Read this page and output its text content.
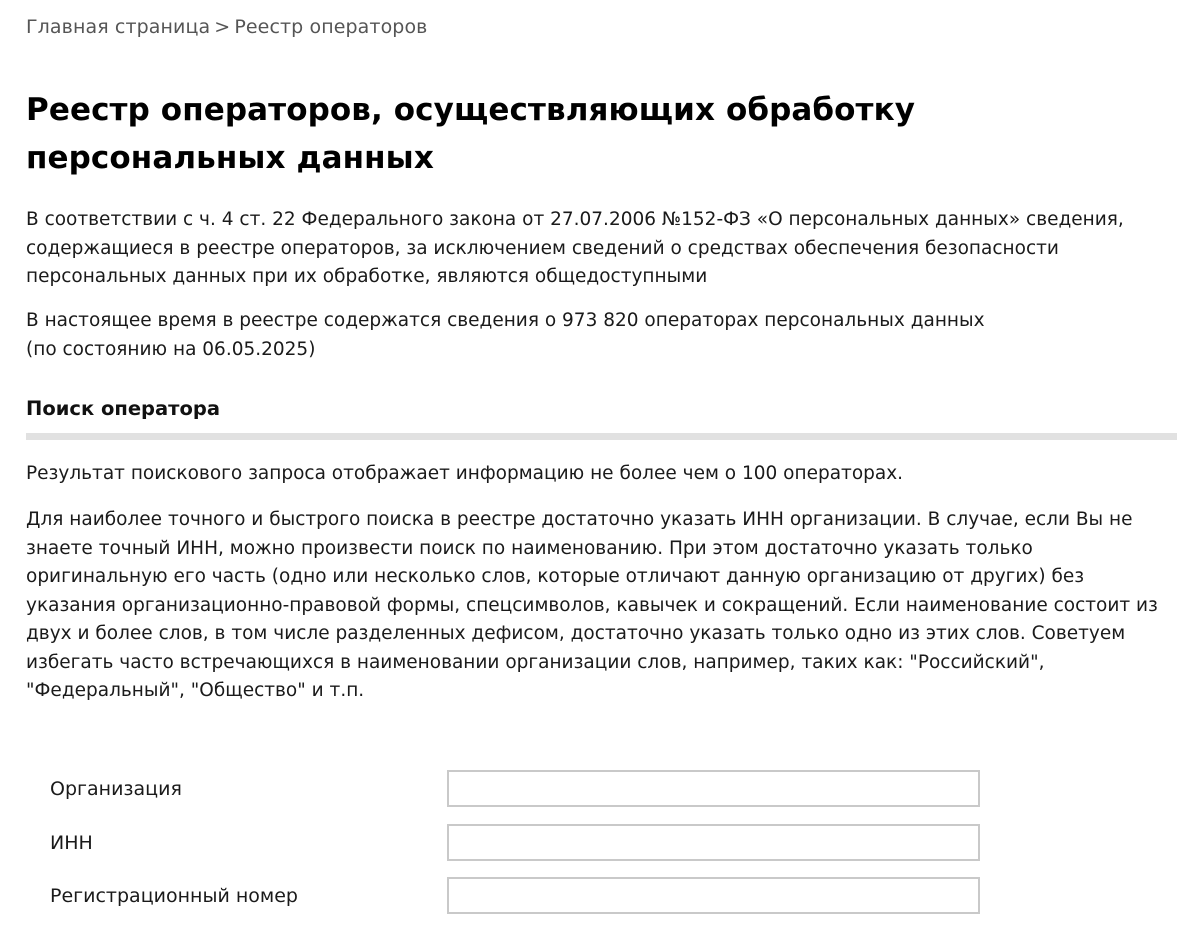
Главная страница > Реестр операторов
Реестр операторов, осуществляющих обработку персональных данных

В соответствии с ч. 4 ст. 22 Федерального закона от 27.07.2006 №152-ФЗ «О персональных данных» сведения, содержащиеся в реестре операторов, за исключением сведений о средствах обеспечения безопасности персональных данных при их обработке, являются общедоступными

В настоящее время в реестре содержатся сведения о 973 820 операторах персональных данных
(по состоянию на 06.05.2025)

Поиск оператора

Результат поискового запроса отображает информацию не более чем о 100 операторах.

Для наиболее точного и быстрого поиска в реестре достаточно указать ИНН организации. В случае, если Вы не знаете точный ИНН, можно произвести поиск по наименованию. При этом достаточно указать только оригинальную его часть (одно или несколько слов, которые отличают данную организацию от других) без указания организационно-правовой формы, спецсимволов, кавычек и сокращений. Если наименование состоит из двух и более слов, в том числе разделенных дефисом, достаточно указать только одно из этих слов. Советуем избегать часто встречающихся в наименовании организации слов, например, таких как: "Российский", "Федеральный", "Общество" и т.п.

Организация
ИНН
Регистрационный номер
